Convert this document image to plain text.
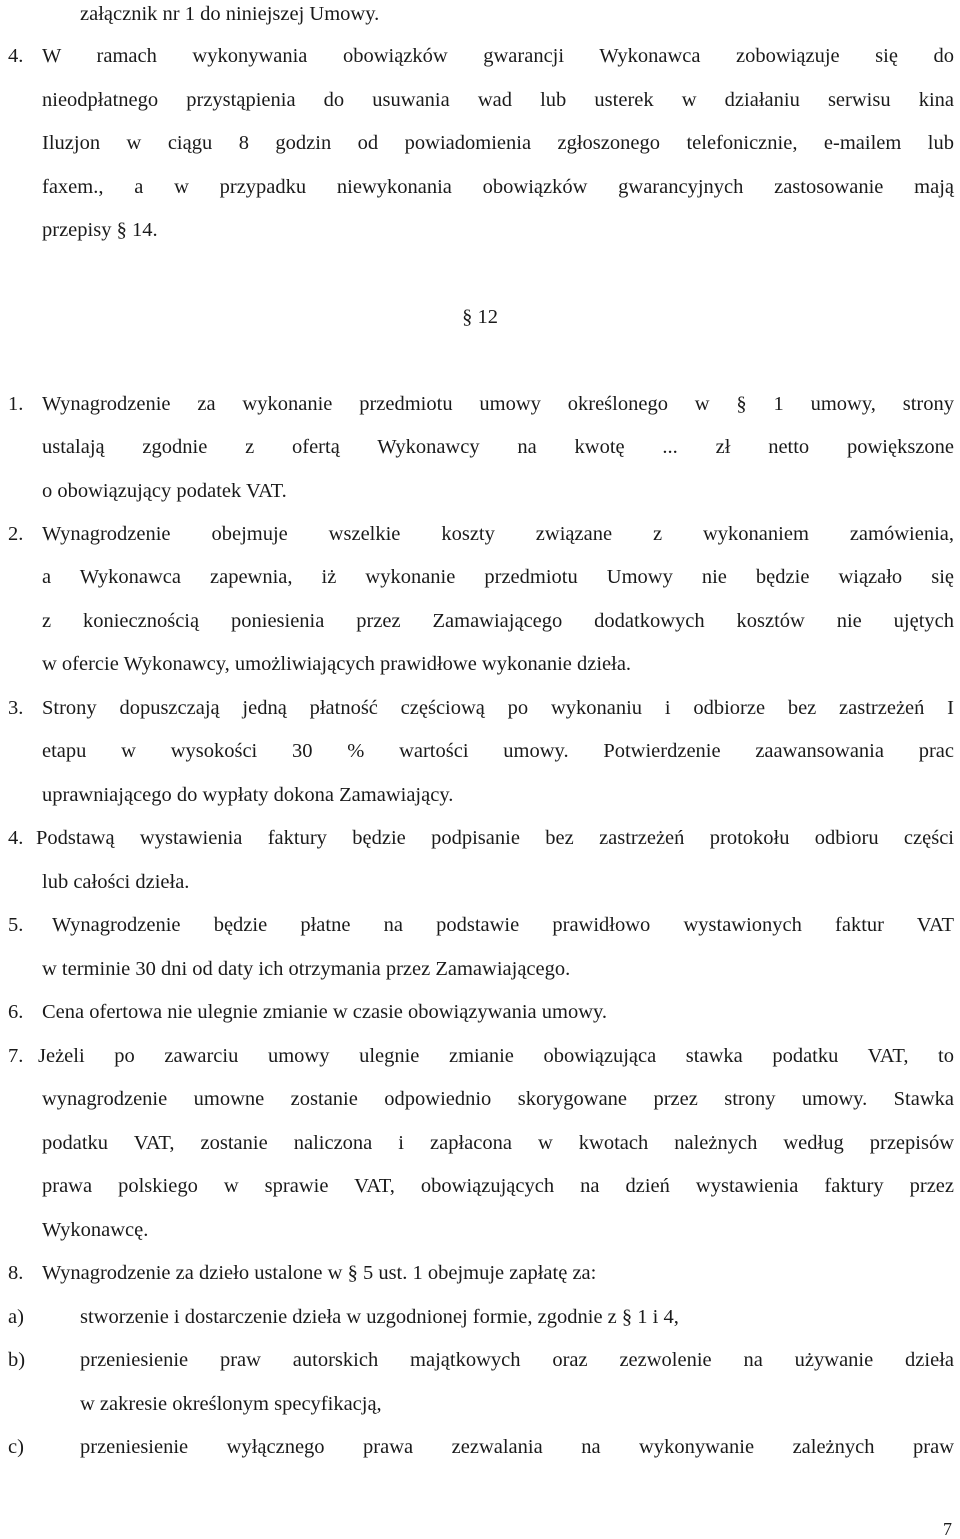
załącznik nr 1 do niniejszej Umowy.
4. W ramach wykonywania obowiązków gwarancji Wykonawca zobowiązuje się do
nieodpłatnego przystąpienia do usuwania wad lub usterek w działaniu serwisu kina
Iluzjon w ciągu 8 godzin od powiadomienia zgłoszonego telefonicznie, e-mailem lub
faxem., a w przypadku niewykonania obowiązków gwarancyjnych zastosowanie mają
przepisy § 14.
§ 12
1. Wynagrodzenie za wykonanie przedmiotu umowy określonego w § 1 umowy, strony
ustalają zgodnie z ofertą Wykonawcy na kwotę ... zł netto powiększone
o obowiązujący podatek VAT.
2. Wynagrodzenie obejmuje wszelkie koszty związane z wykonaniem zamówienia,
a Wykonawca zapewnia, iż wykonanie przedmiotu Umowy nie będzie wiązało się
z koniecznością poniesienia przez Zamawiającego dodatkowych kosztów nie ujętych
w ofercie Wykonawcy, umożliwiających prawidłowe wykonanie dzieła.
3. Strony dopuszczają jedną płatność częściową po wykonaniu i odbiorze bez zastrzeżeń I
etapu w wysokości 30 % wartości umowy. Potwierdzenie zaawansowania prac
uprawniającego do wypłaty dokona Zamawiający.
4. Podstawą wystawienia faktury będzie podpisanie bez zastrzeżeń protokołu odbioru części
lub całości dzieła.
5. Wynagrodzenie będzie płatne na podstawie prawidłowo wystawionych faktur VAT
w terminie 30 dni od daty ich otrzymania przez Zamawiającego.
6. Cena ofertowa nie ulegnie zmianie w czasie obowiązywania umowy.
7. Jeżeli po zawarciu umowy ulegnie zmianie obowiązująca stawka podatku VAT, to
wynagrodzenie umowne zostanie odpowiednio skorygowane przez strony umowy. Stawka
podatku VAT, zostanie naliczona i zapłacona w kwotach należnych według przepisów
prawa polskiego w sprawie VAT, obowiązujących na dzień wystawienia faktury przez
Wykonawcę.
8. Wynagrodzenie za dzieło ustalone w § 5 ust. 1 obejmuje zapłatę za:
a)	stworzenie i dostarczenie dzieła w uzgodnionej formie, zgodnie z § 1 i 4,
b)	przeniesienie praw autorskich majątkowych oraz zezwolenie na używanie dzieła
w zakresie określonym specyfikacją,
c)	przeniesienie wyłącznego prawa zezwalania na wykonywanie zależnych praw
7
